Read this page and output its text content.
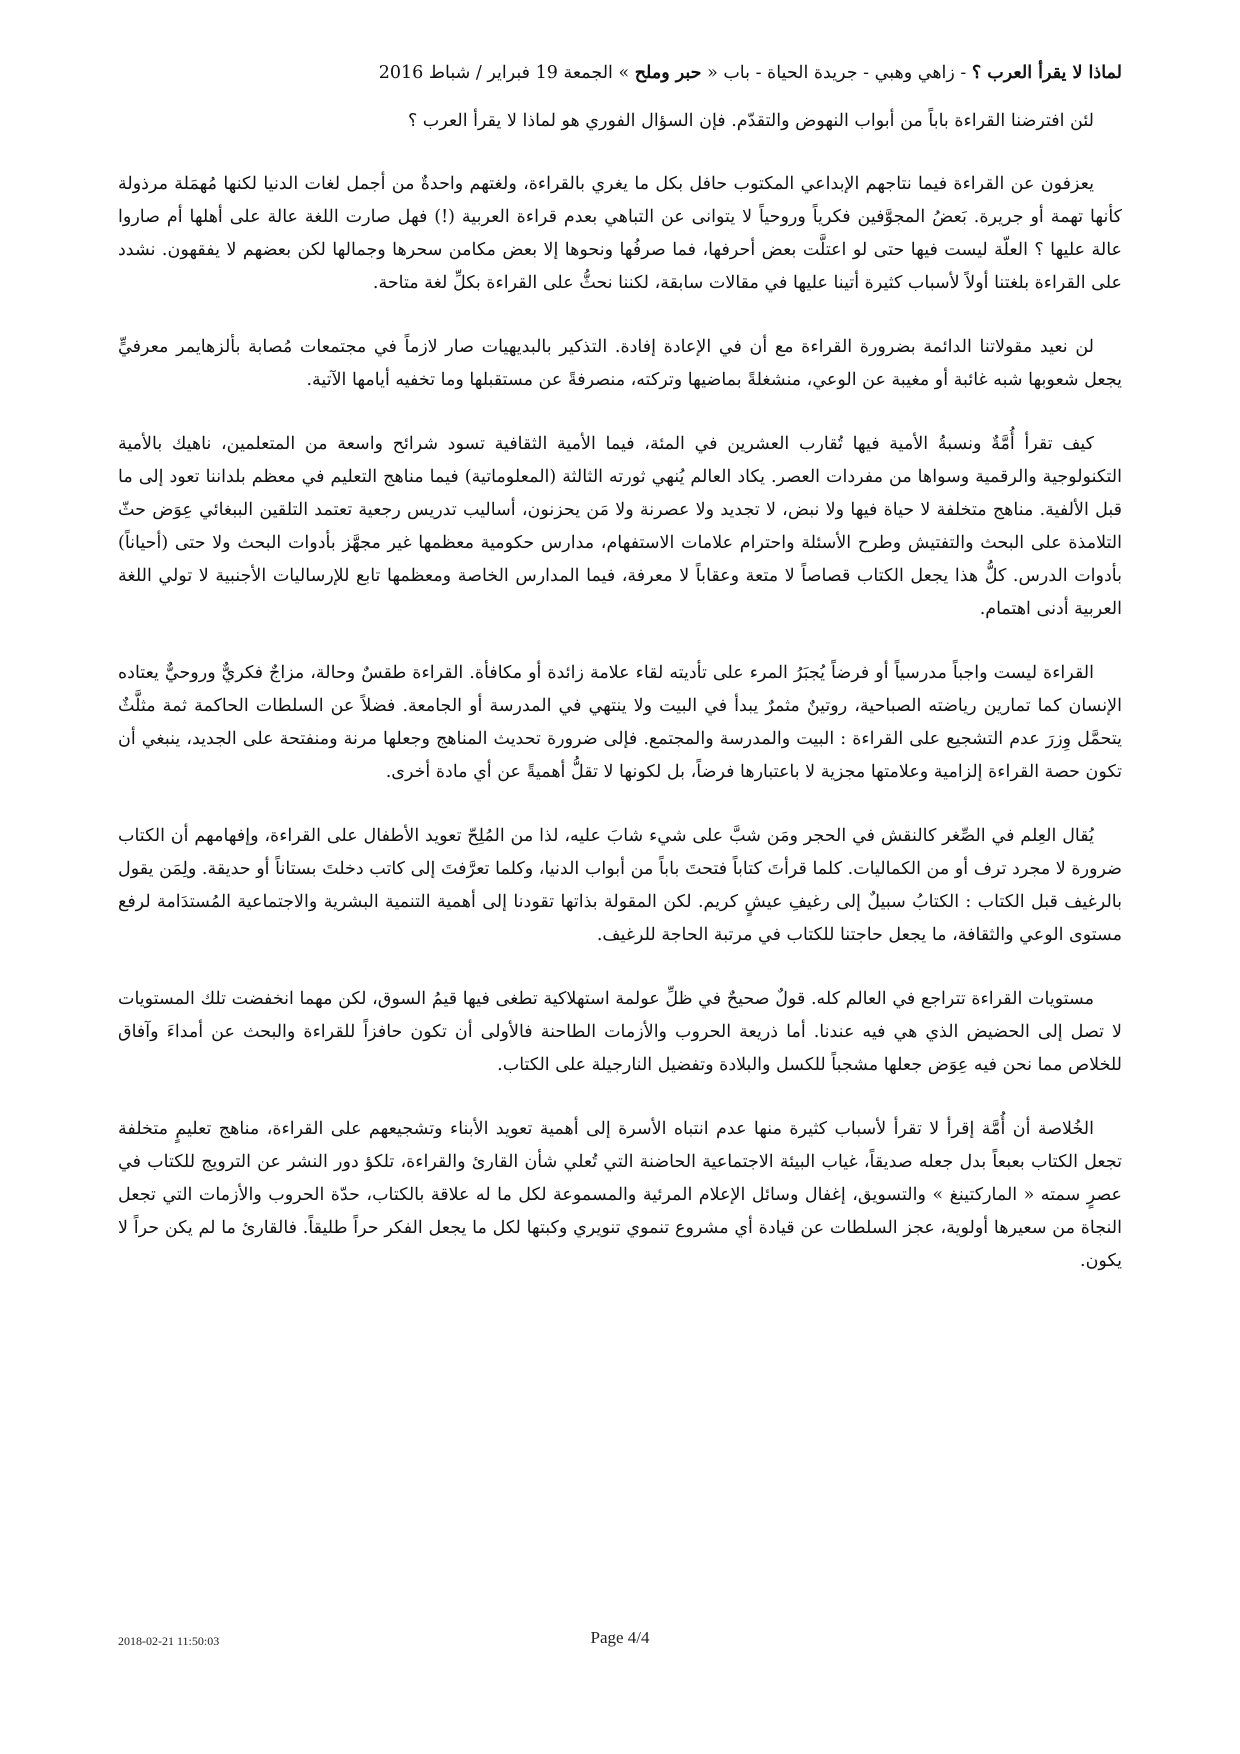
لماذا لا يقرأ العرب ؟ - زاهي وهبي - جريدة الحياة - باب « حبر وملح » الجمعة 19 فبراير / شباط 2016

لئن افترضنا القراءة باباً من أبواب النهوض والتقدّم. فإن السؤال الفوري هو لماذا لا يقرأ العرب ؟

يعزفون عن القراءة فيما نتاجهم الإبداعي المكتوب حافل بكل ما يغري بالقراءة، ولغتهم واحدةٌ من أجمل لغات الدنيا لكنها مُهمَلة مرذولة كأنها تهمة أو جريرة. بَعضُ المجوَّفين فكرياً وروحياً لا يتوانى عن التباهي بعدم قراءة العربية (!) فهل صارت اللغة عالة على أهلها أم صاروا عالة عليها ؟ العلّة ليست فيها حتى لو اعتلَّت بعض أحرفها، فما صرفُها ونحوها إلا بعض مكامن سحرها وجمالها لكن بعضهم لا يفقهون. نشدد على القراءة بلغتنا أولاً لأسباب كثيرة أتينا عليها في مقالات سابقة، لكننا نحثُّ على القراءة بكلِّ لغة متاحة.

لن نعيد مقولاتنا الدائمة بضرورة القراءة مع أن في الإعادة إفادة. التذكير بالبديهيات صار لازماً في مجتمعات مُصابة بألزهايمر معرفيٍّ يجعل شعوبها شبه غائبة أو مغيبة عن الوعي، منشغلةً بماضيها وتركته، منصرفةً عن مستقبلها وما تخفيه أيامها الآتية.

كيف تقرأ أُمَّةٌ ونسبةُ الأمية فيها تُقارب العشرين في المئة، فيما الأمية الثقافية تسود شرائح واسعة من المتعلمين، ناهيك بالأمية التكنولوجية والرقمية وسواها من مفردات العصر. يكاد العالم يُنهي ثورته الثالثة (المعلوماتية) فيما مناهج التعليم في معظم بلداننا تعود إلى ما قبل الألفية. مناهج متخلفة لا حياة فيها ولا نبض، لا تجديد ولا عصرنة ولا مَن يحزنون، أساليب تدريس رجعية تعتمد التلقين الببغائي عِوَض حثّ التلامذة على البحث والتفتيش وطرح الأسئلة واحترام علامات الاستفهام، مدارس حكومية معظمها غير مجهَّز بأدوات البحث ولا حتى (أحياناً) بأدوات الدرس. كلُّ هذا يجعل الكتاب قصاصاً لا متعة وعقاباً لا معرفة، فيما المدارس الخاصة ومعظمها تابع للإرساليات الأجنبية لا تولي اللغة العربية أدنى اهتمام.

القراءة ليست واجباً مدرسياً أو فرضاً يُجبَرُ المرء على تأديته لقاء علامة زائدة أو مكافأة. القراءة طقسٌ وحالة، مزاجٌ فكريٌّ وروحيٌّ يعتاده الإنسان كما تمارين رياضته الصباحية، روتينٌ مثمرٌ يبدأ في البيت ولا ينتهي في المدرسة أو الجامعة. فضلاً عن السلطات الحاكمة ثمة مثلَّثٌ يتحمَّل وِزرَ عدم التشجيع على القراءة : البيت والمدرسة والمجتمع. فإلى ضرورة تحديث المناهج وجعلها مرنة ومنفتحة على الجديد، ينبغي أن تكون حصة القراءة إلزامية وعلامتها مجزية لا باعتبارها فرضاً، بل لكونها لا تقلُّ أهميةً عن أي مادة أخرى.

يُقال العِلم في الصِّغر كالنقش في الحجر ومَن شبَّ على شيء شابَ عليه، لذا من المُلِحّ تعويد الأطفال على القراءة، وإفهامهم أن الكتاب ضرورة لا مجرد ترف أو من الكماليات. كلما قرأتَ كتاباً فتحتَ باباً من أبواب الدنيا، وكلما تعرَّفتَ إلى كاتب دخلتَ بستاناً أو حديقة. ولِمَن يقول بالرغيف قبل الكتاب : الكتابُ سبيلٌ إلى رغيفِ عيشٍ كريم. لكن المقولة بذاتها تقودنا إلى أهمية التنمية البشرية والاجتماعية المُستدَامة لرفع مستوى الوعي والثقافة، ما يجعل حاجتنا للكتاب في مرتبة الحاجة للرغيف.

مستويات القراءة تتراجع في العالم كله. قولٌ صحيحٌ في ظلِّ عولمة استهلاكية تطغى فيها قيمُ السوق، لكن مهما انخفضت تلك المستويات لا تصل إلى الحضيض الذي هي فيه عندنا. أما ذريعة الحروب والأزمات الطاحنة فالأولى أن تكون حافزاً للقراءة والبحث عن أمداءَ وآفاق للخلاص مما نحن فيه عِوَض جعلها مشجباً للكسل والبلادة وتفضيل النارجيلة على الكتاب.

الخُلاصة أن أُمَّة إقرأ لا تقرأ لأسباب كثيرة منها عدم انتباه الأسرة إلى أهمية تعويد الأبناء وتشجيعهم على القراءة، مناهج تعليمٍ متخلفة تجعل الكتاب بعبعاً بدل جعله صديقاً، غياب البيئة الاجتماعية الحاضنة التي تُعلي شأن القارئ والقراءة، تلكؤ دور النشر عن الترويج للكتاب في عصرٍ سمته « الماركتينغ » والتسويق، إغفال وسائل الإعلام المرئية والمسموعة لكل ما له علاقة بالكتاب، حدّة الحروب والأزمات التي تجعل النجاة من سعيرها أولوية، عجز السلطات عن قيادة أي مشروع تنموي تنويري وكبتها لكل ما يجعل الفكر حراً طليقاً. فالقارئ ما لم يكن حراً لا يكون.

2018-02-21 11:50:03	Page 4/4
